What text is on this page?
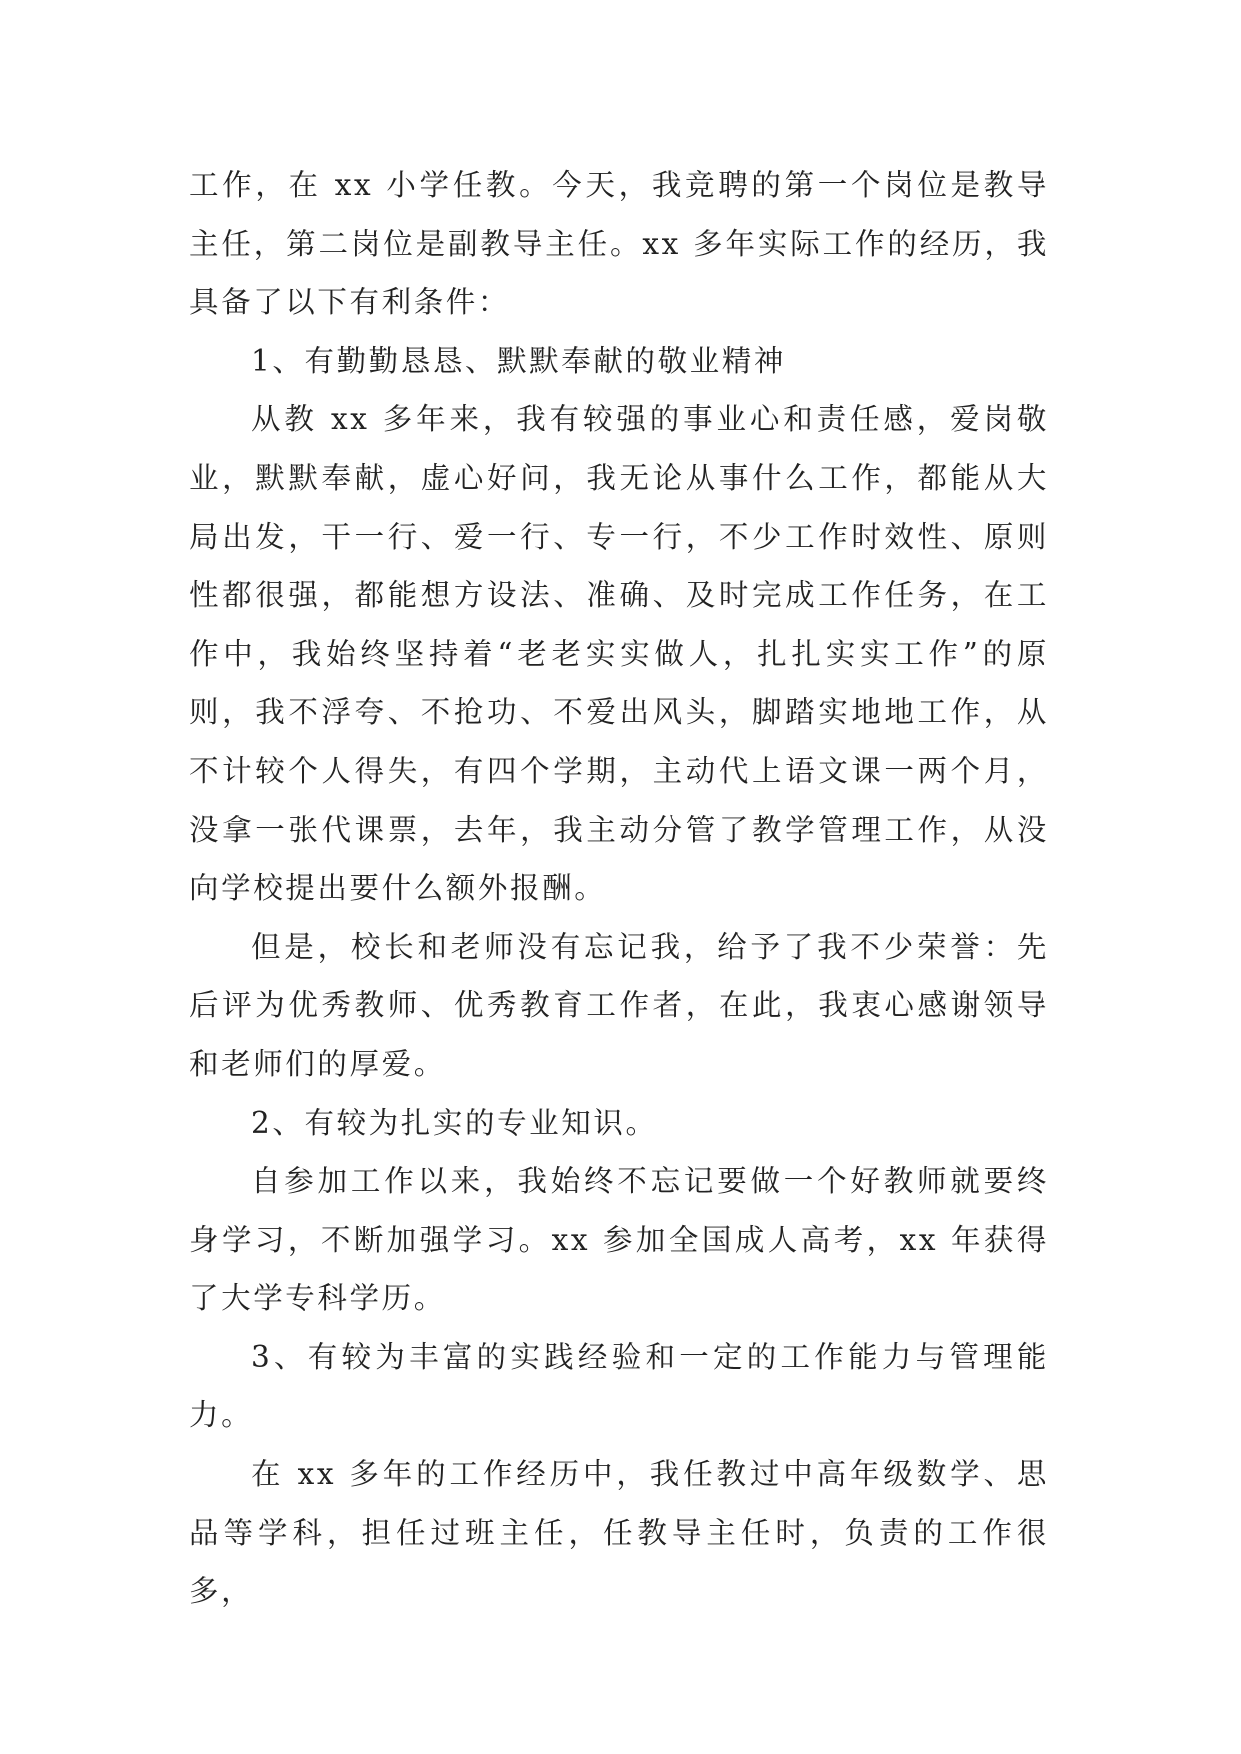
工作，在 xx 小学任教。今天，我竞聘的第一个岗位是教导主任，第二岗位是副教导主任。xx 多年实际工作的经历，我具备了以下有利条件：

1、有勤勤恳恳、默默奉献的敬业精神

从教 xx 多年来，我有较强的事业心和责任感，爱岗敬业，默默奉献，虚心好问，我无论从事什么工作，都能从大局出发，干一行、爱一行、专一行，不少工作时效性、原则性都很强，都能想方设法、准确、及时完成工作任务，在工作中，我始终坚持着“老老实实做人，扎扎实实工作”的原则，我不浮夸、不抢功、不爱出风头，脚踏实地地工作，从不计较个人得失，有四个学期，主动代上语文课一两个月，没拿一张代课票，去年，我主动分管了教学管理工作，从没向学校提出要什么额外报酬。

但是，校长和老师没有忘记我，给予了我不少荣誉：先后评为优秀教师、优秀教育工作者，在此，我衷心感谢领导和老师们的厚爱。

2、有较为扎实的专业知识。

自参加工作以来，我始终不忘记要做一个好教师就要终身学习，不断加强学习。xx 参加全国成人高考，xx 年获得了大学专科学历。

3、有较为丰富的实践经验和一定的工作能力与管理能力。

在 xx 多年的工作经历中，我任教过中高年级数学、思品等学科，担任过班主任，任教导主任时，负责的工作很多，
